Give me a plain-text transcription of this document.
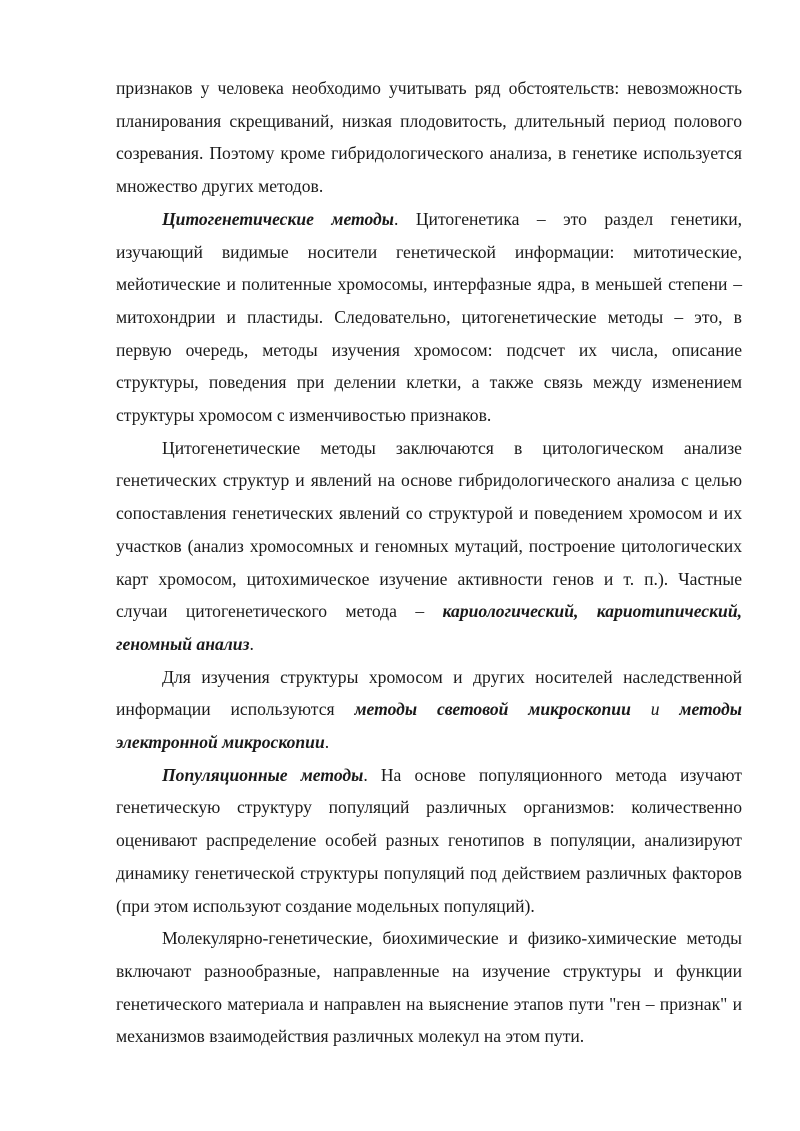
признаков у человека необходимо учитывать ряд обстоятельств: невозможность планирования скрещиваний, низкая плодовитость, длительный период полового созревания. Поэтому кроме гибридологического анализа, в генетике используется множество других методов.

Цитогенетические методы. Цитогенетика – это раздел генетики, изучающий видимые носители генетической информации: митотические, мейотические и политенные хромосомы, интерфазные ядра, в меньшей степени – митохондрии и пластиды. Следовательно, цитогенетические методы – это, в первую очередь, методы изучения хромосом: подсчет их числа, описание структуры, поведения при делении клетки, а также связь между изменением структуры хромосом с изменчивостью признаков.

Цитогенетические методы заключаются в цитологическом анализе генетических структур и явлений на основе гибридологического анализа с целью сопоставления генетических явлений со структурой и поведением хромосом и их участков (анализ хромосомных и геномных мутаций, построение цитологических карт хромосом, цитохимическое изучение активности генов и т. п.). Частные случаи цитогенетического метода – кариологический, кариотипический, геномный анализ.

Для изучения структуры хромосом и других носителей наследственной информации используются методы световой микроскопии и методы электронной микроскопии.

Популяционные методы. На основе популяционного метода изучают генетическую структуру популяций различных организмов: количественно оценивают распределение особей разных генотипов в популяции, анализируют динамику генетической структуры популяций под действием различных факторов (при этом используют создание модельных популяций).

Молекулярно-генетические, биохимические и физико-химические методы включают разнообразные, направленные на изучение структуры и функции генетического материала и направлен на выяснение этапов пути "ген – признак" и механизмов взаимодействия различных молекул на этом пути.
